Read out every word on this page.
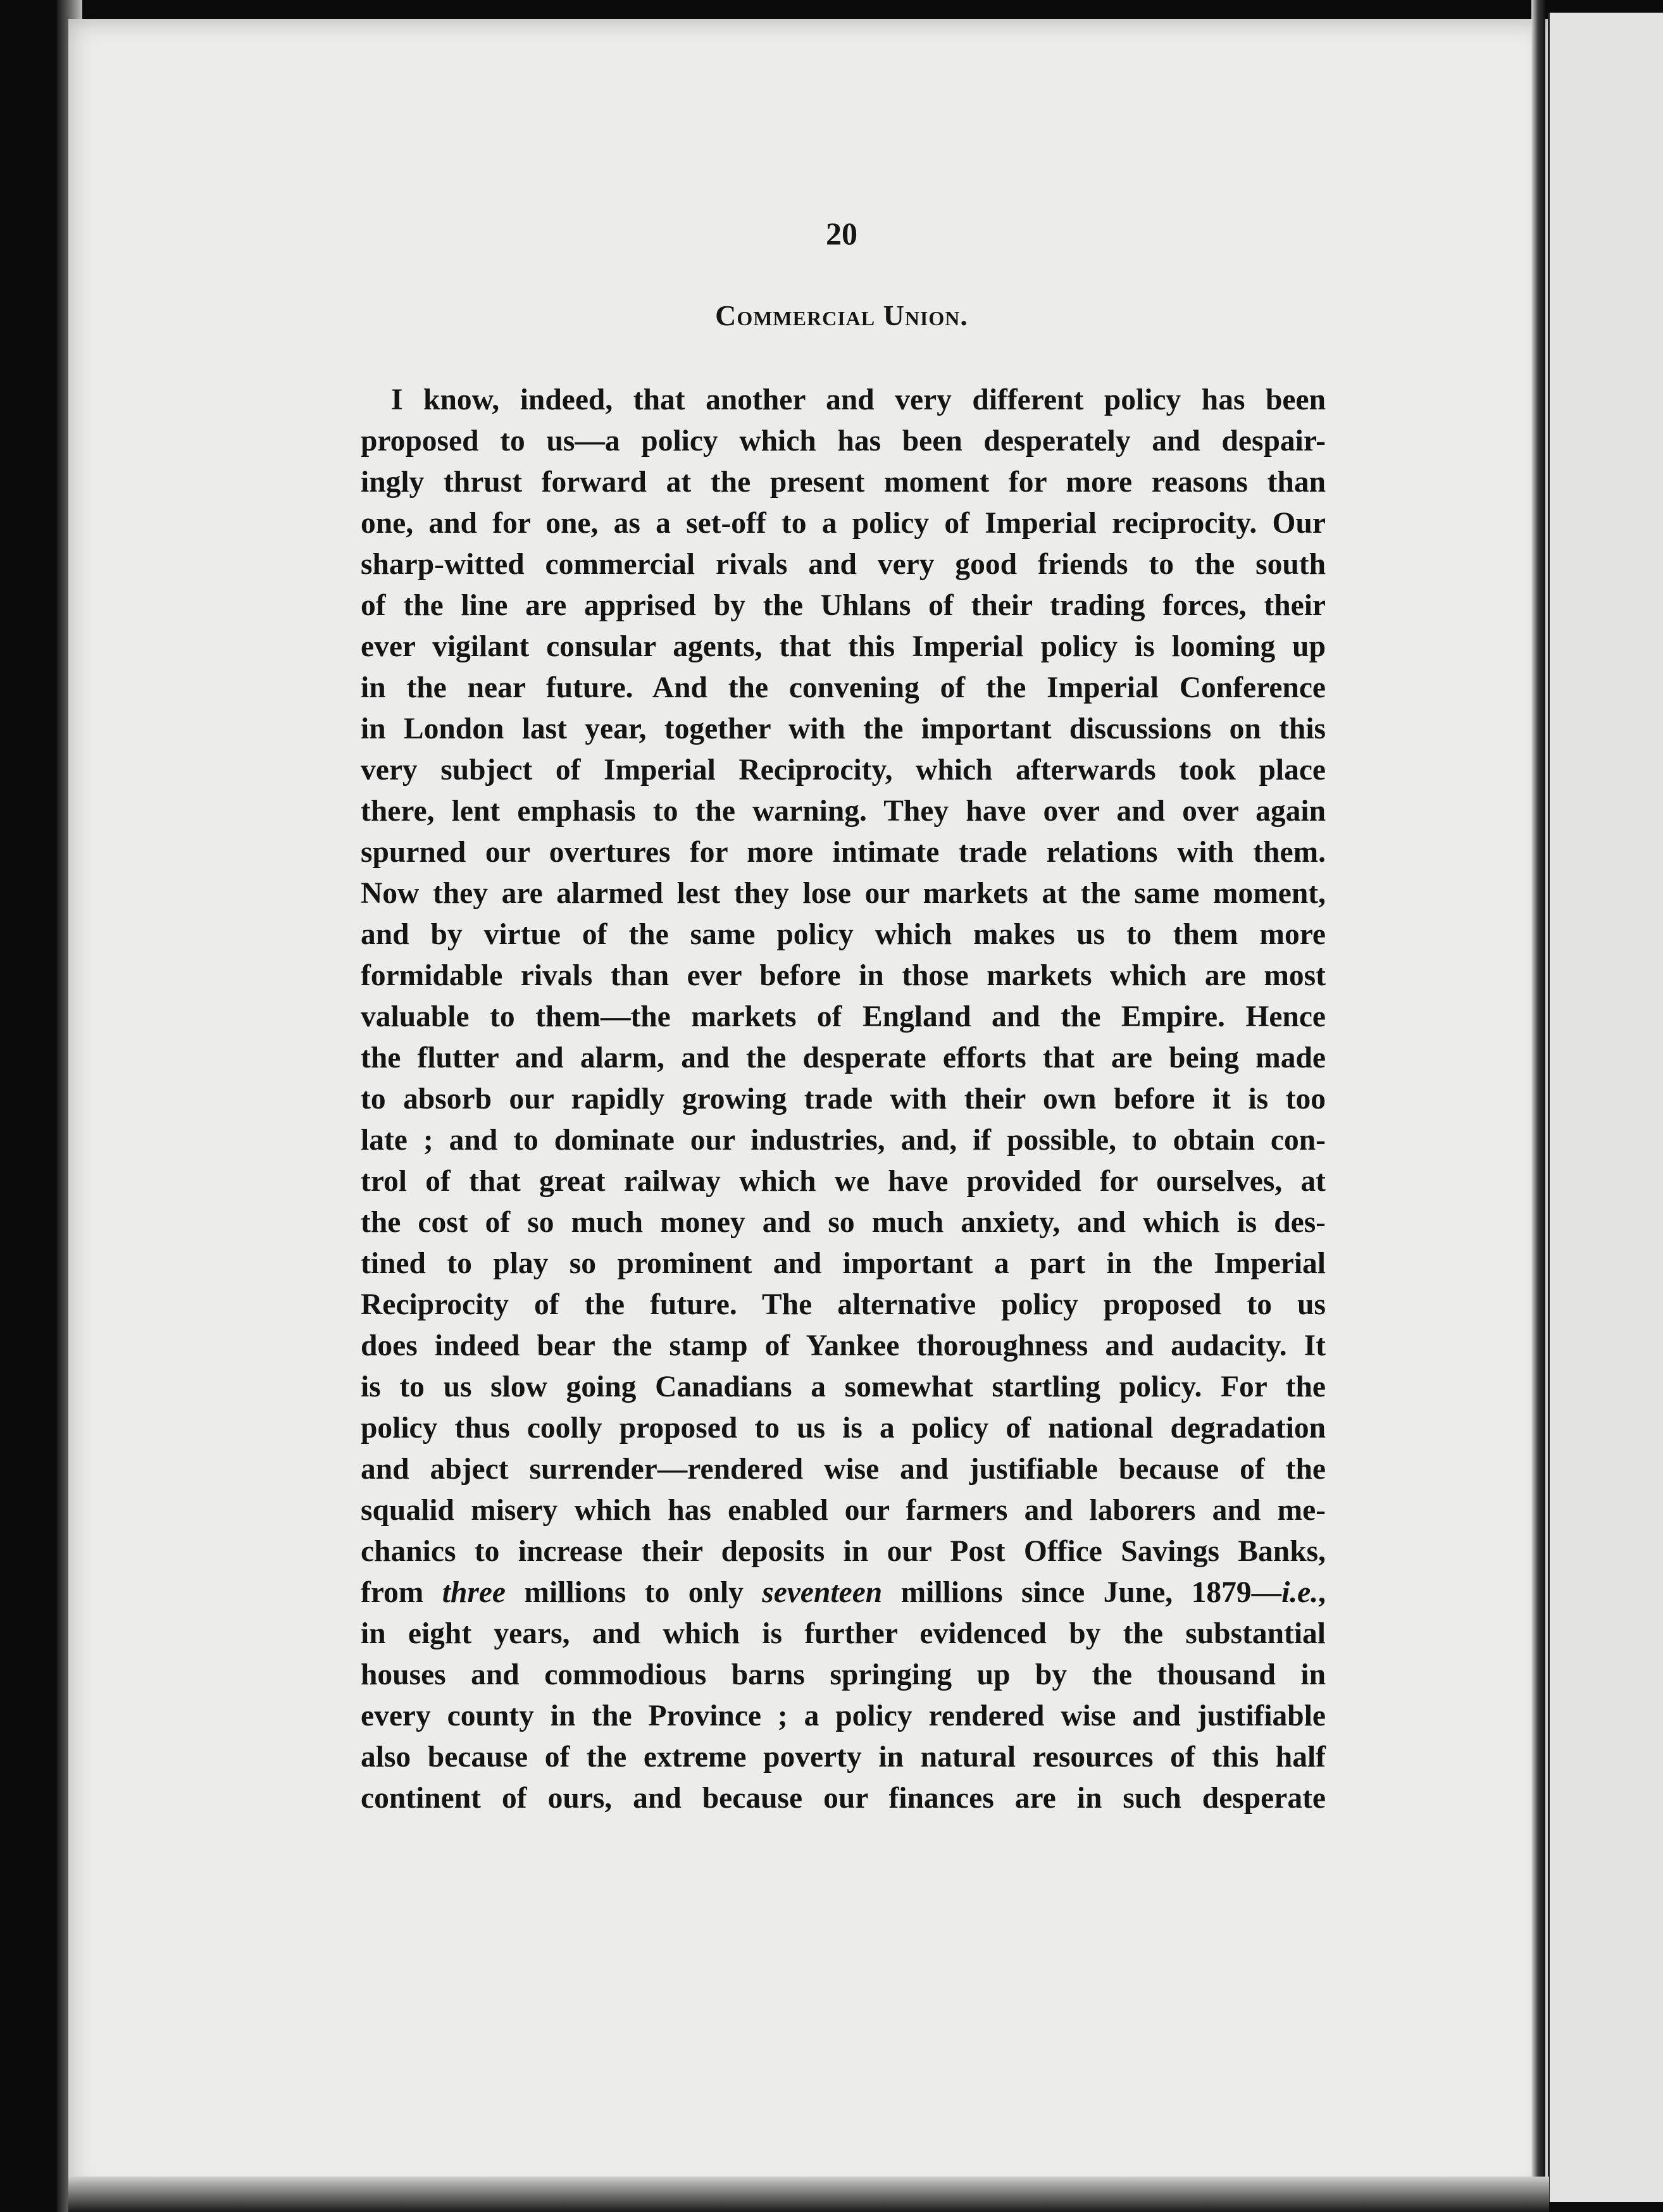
20
Commercial Union.
I know, indeed, that another and very different policy has been
proposed to us—a policy which has been desperately and despair-
ingly thrust forward at the present moment for more reasons than
one, and for one, as a set-off to a policy of Imperial reciprocity. Our
sharp-witted commercial rivals and very good friends to the south
of the line are apprised by the Uhlans of their trading forces, their
ever vigilant consular agents, that this Imperial policy is looming up
in the near future. And the convening of the Imperial Conference
in London last year, together with the important discussions on this
very subject of Imperial Reciprocity, which afterwards took place
there, lent emphasis to the warning. They have over and over again
spurned our overtures for more intimate trade relations with them.
Now they are alarmed lest they lose our markets at the same moment,
and by virtue of the same policy which makes us to them more
formidable rivals than ever before in those markets which are most
valuable to them—the markets of England and the Empire. Hence
the flutter and alarm, and the desperate efforts that are being made
to absorb our rapidly growing trade with their own before it is too
late ; and to dominate our industries, and, if possible, to obtain con-
trol of that great railway which we have provided for ourselves, at
the cost of so much money and so much anxiety, and which is des-
tined to play so prominent and important a part in the Imperial
Reciprocity of the future. The alternative policy proposed to us
does indeed bear the stamp of Yankee thoroughness and audacity. It
is to us slow going Canadians a somewhat startling policy. For the
policy thus coolly proposed to us is a policy of national degradation
and abject surrender—rendered wise and justifiable because of the
squalid misery which has enabled our farmers and laborers and me-
chanics to increase their deposits in our Post Office Savings Banks,
from three millions to only seventeen millions since June, 1879—i.e.,
in eight years, and which is further evidenced by the substantial
houses and commodious barns springing up by the thousand in
every county in the Province ; a policy rendered wise and justifiable
also because of the extreme poverty in natural resources of this half
continent of ours, and because our finances are in such desperate
